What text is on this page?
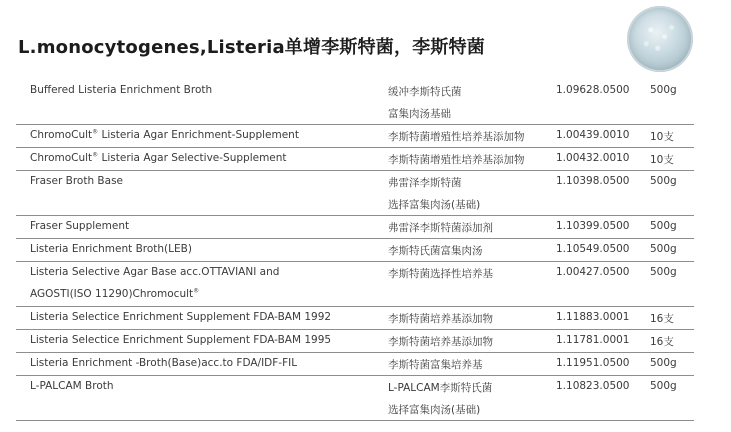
L.monocytogenes,Listeria单增李斯特菌，李斯特菌
Buffered Listeria Enrichment Broth	缓冲李斯特氏菌	1.09628.0500 500g
富集肉汤基础
ChromoCult® Listeria Agar Enrichment-Supplement	李斯特菌增殖性培养基添加物	1.00439.0010 10支
ChromoCult® Listeria Agar Selective-Supplement	李斯特菌增殖性培养基添加物	1.00432.0010 10支
Fraser Broth Base	弗雷泽李斯特菌	1.10398.0500 500g
选择富集肉汤(基础)
Fraser Supplement	弗雷泽李斯特菌添加剂	1.10399.0500 500g
Listeria Enrichment Broth(LEB)	李斯特氏菌富集肉汤	1.10549.0500 500g
Listeria Selective Agar Base acc.OTTAVIANI and	李斯特菌选择性培养基	1.00427.0500 500g
AGOSTI(ISO 11290)Chromocult®
Listeria Selectice Enrichment Supplement FDA-BAM 1992	李斯特菌培养基添加物	1.11883.0001 16支
Listeria Selectice Enrichment Supplement FDA-BAM 1995	李斯特菌培养基添加物	1.11781.0001 16支
Listeria Enrichment -Broth(Base)acc.to FDA/IDF-FIL	李斯特菌富集培养基	1.11951.0500 500g
L-PALCAM Broth	L-PALCAM李斯特氏菌	1.10823.0500 500g
选择富集肉汤(基础)
